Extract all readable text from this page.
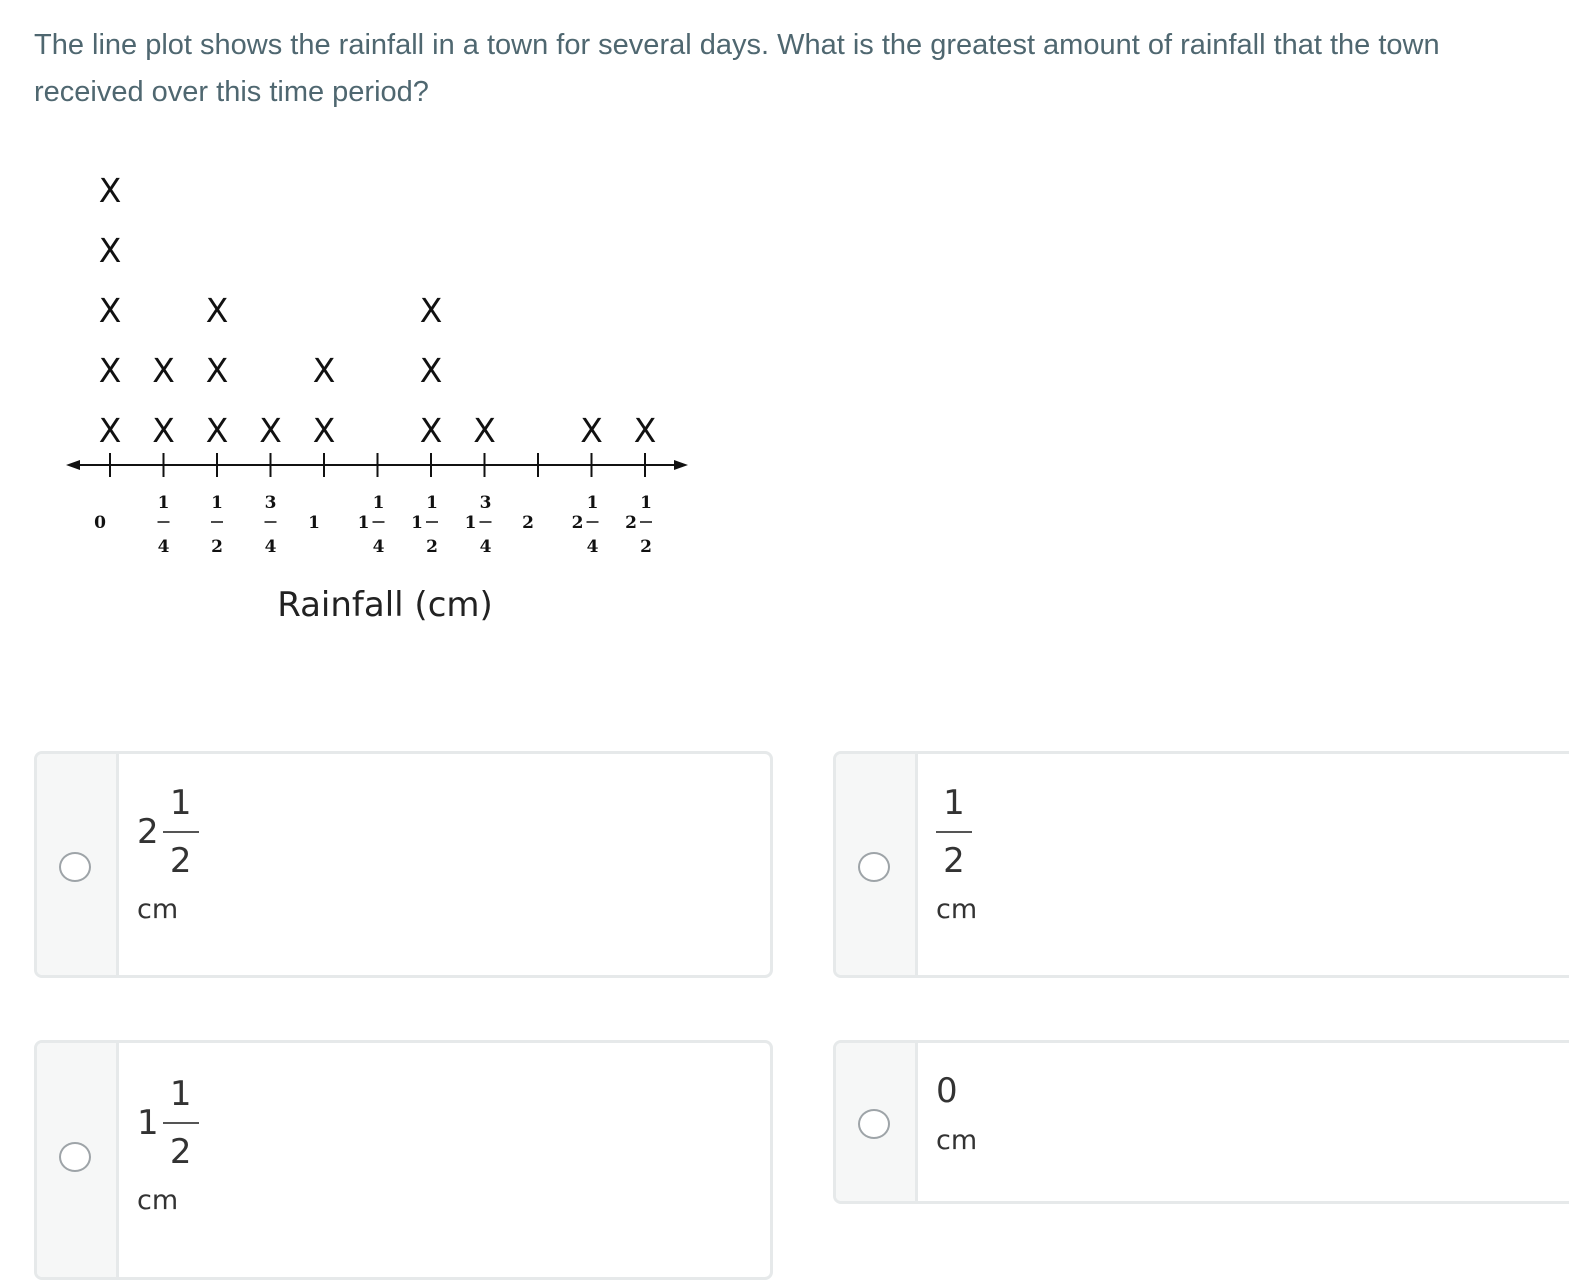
The line plot shows the rainfall in a town for several days. What is the greatest amount of rainfall that the town received over this time period?
0
1
4
1
2
3
4
1 1
1
4
1
1
2
1
3
4
2 2
1
4
2
1
2
X
X
X
X
X
X
X
X
X
X
X X
X
X
X
X
X	X X
Rainfall (cm)
$2 \frac{1}{2}$
cm
$\frac{1}{2}$
cm
$1 \frac{1}{2}$
cm
0
cm
